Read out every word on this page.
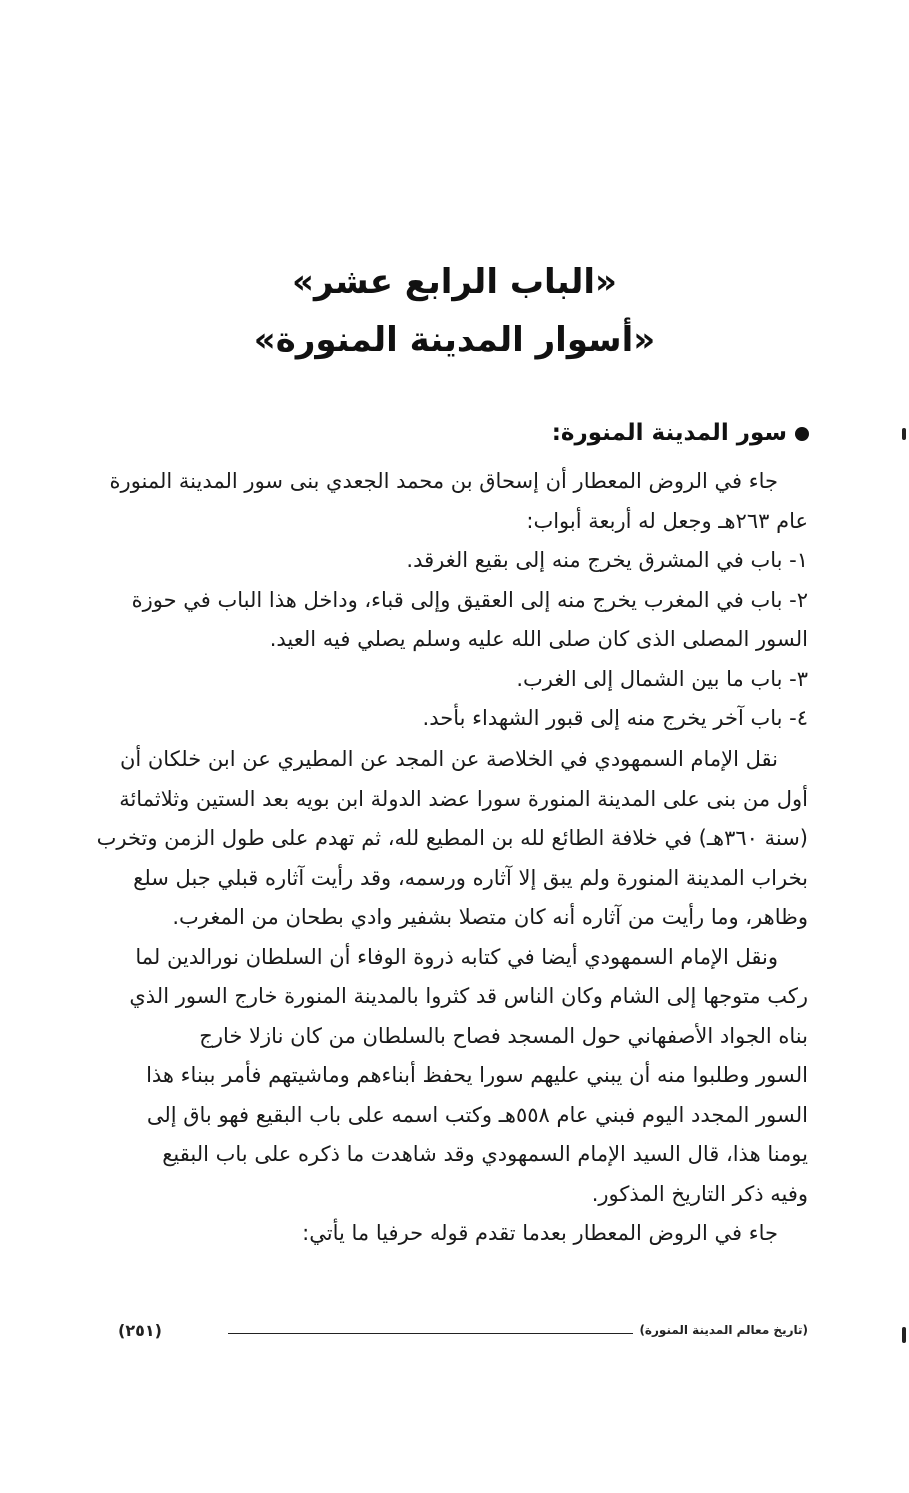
«الباب الرابع عشر»
«أسوار المدينة المنورة»
سور المدينة المنورة:
جاء في الروض المعطار أن إسحاق بن محمد الجعدي بنى سور المدينة المنورة
عام ٢٦٣هـ وجعل له أربعة أبواب:
١- باب في المشرق يخرج منه إلى بقيع الغرقد.
٢- باب في المغرب يخرج منه إلى العقيق وإلى قباء، وداخل هذا الباب في حوزة
السور المصلى الذى كان صلى الله عليه وسلم يصلي فيه العيد.
٣- باب ما بين الشمال إلى الغرب.
٤- باب آخر يخرج منه إلى قبور الشهداء بأحد.
نقل الإمام السمهودي في الخلاصة عن المجد عن المطيري عن ابن خلكان أن
أول من بنى على المدينة المنورة سورا عضد الدولة ابن بويه بعد الستين وثلاثمائة
(سنة ٣٦٠هـ) في خلافة الطائع لله بن المطيع لله، ثم تهدم على طول الزمن وتخرب
بخراب المدينة المنورة ولم يبق إلا آثاره ورسمه، وقد رأيت آثاره قبلي جبل سلع
وظاهر، وما رأيت من آثاره أنه كان متصلا بشفير وادي بطحان من المغرب.
ونقل الإمام السمهودي أيضا في كتابه ذروة الوفاء أن السلطان نورالدين لما
ركب متوجها إلى الشام وكان الناس قد كثروا بالمدينة المنورة خارج السور الذي
بناه الجواد الأصفهاني حول المسجد فصاح بالسلطان من كان نازلا خارج
السور وطلبوا منه أن يبني عليهم سورا يحفظ أبناءهم وماشيتهم فأمر ببناء هذا
السور المجدد اليوم فبني عام ٥٥٨هـ وكتب اسمه على باب البقيع فهو باق إلى
يومنا هذا، قال السيد الإمام السمهودي وقد شاهدت ما ذكره على باب البقيع
وفيه ذكر التاريخ المذكور.
جاء في الروض المعطار بعدما تقدم قوله حرفيا ما يأتي:
(تاريخ معالم المدينة المنورة)
(٢٥١)
